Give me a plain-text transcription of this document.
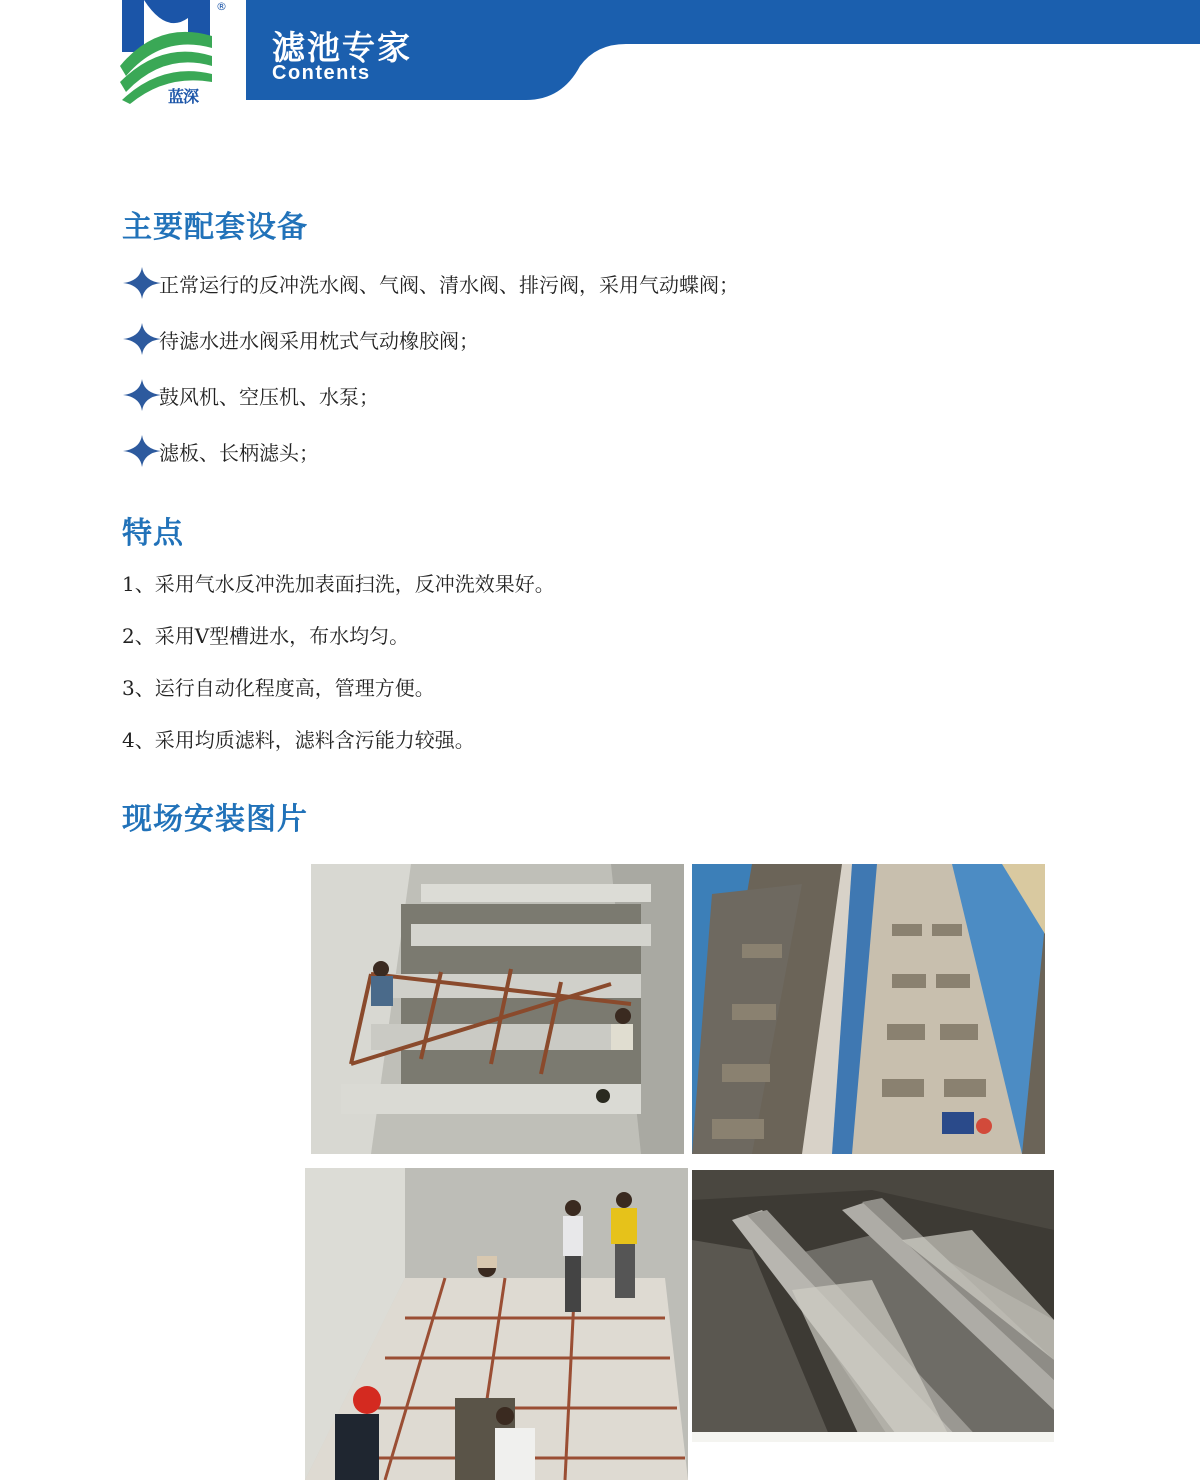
®
蓝深
滤池专家
Contents
主要配套设备
正常运行的反冲洗水阀、气阀、清水阀、排污阀，采用气动蝶阀；
待滤水进水阀采用枕式气动橡胶阀；
鼓风机、空压机、水泵；
滤板、长柄滤头；
特点
1、采用气水反冲洗加表面扫洗，反冲洗效果好。
2、采用V型槽进水，布水均匀。
3、运行自动化程度高，管理方便。
4、采用均质滤料，滤料含污能力较强。
现场安装图片
